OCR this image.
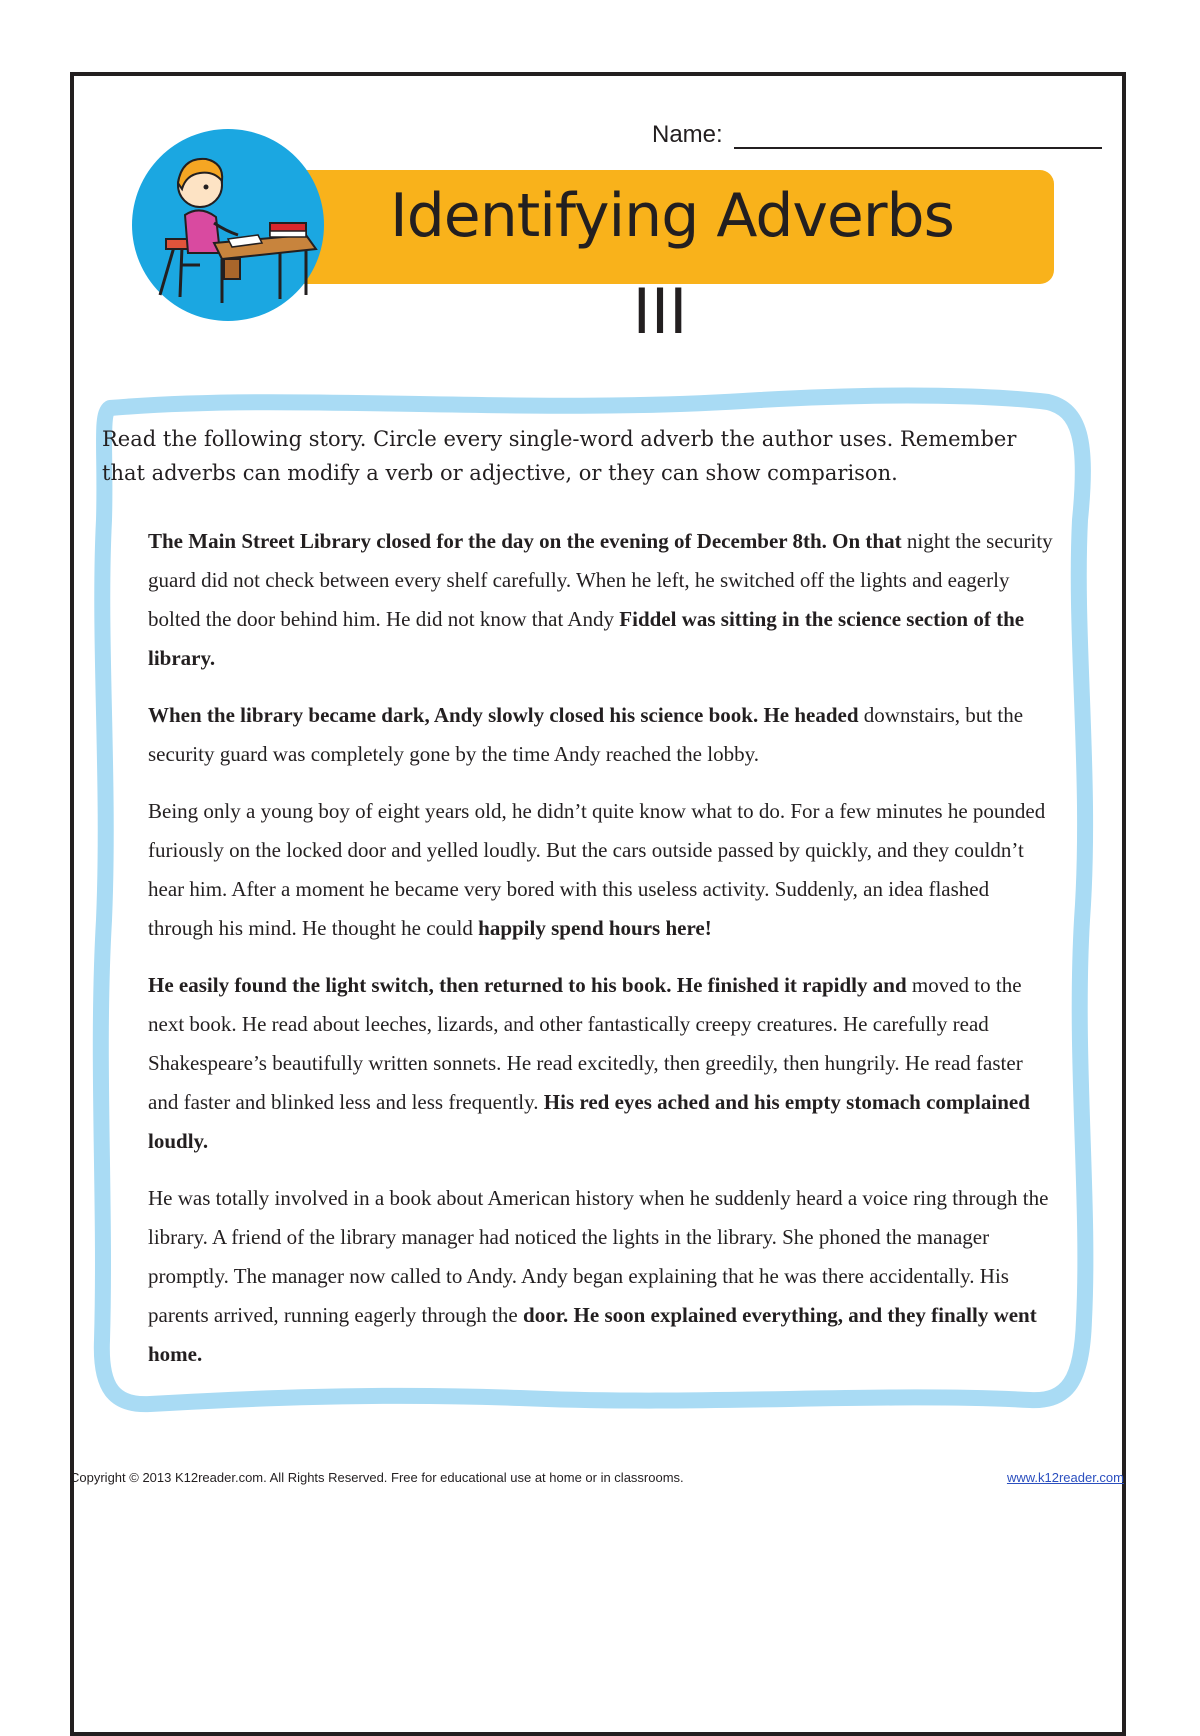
Name:
Identifying Adverbs
III
Read the following story. Circle every single-word adverb the author uses. Remember that adverbs can modify a verb or adjective, or they can show comparison.

The Main Street Library closed for the day on the evening of December 8th. On that night the security guard did not check between every shelf carefully. When he left, he switched off the lights and eagerly bolted the door behind him. He did not know that Andy Fiddel was sitting in the science section of the library.

When the library became dark, Andy slowly closed his science book. He headed downstairs, but the security guard was completely gone by the time Andy reached the lobby.

Being only a young boy of eight years old, he didn’t quite know what to do. For a few minutes he pounded furiously on the locked door and yelled loudly. But the cars outside passed by quickly, and they couldn’t hear him. After a moment he became very bored with this useless activity. Suddenly, an idea flashed through his mind. He thought he could happily spend hours here!

He easily found the light switch, then returned to his book. He finished it rapidly and moved to the next book. He read about leeches, lizards, and other fantastically creepy creatures. He carefully read Shakespeare’s beautifully written sonnets. He read excitedly, then greedily, then hungrily. He read faster and faster and blinked less and less frequently. His red eyes ached and his empty stomach complained loudly.

He was totally involved in a book about American history when he suddenly heard a voice ring through the library. A friend of the library manager had noticed the lights in the library. She phoned the manager promptly. The manager now called to Andy. Andy began explaining that he was there accidentally. His parents arrived, running eagerly through the door. He soon explained everything, and they finally went home.

Copyright © 2013 K12reader.com. All Rights Reserved. Free for educational use at home or in classrooms.	www.k12reader.com
